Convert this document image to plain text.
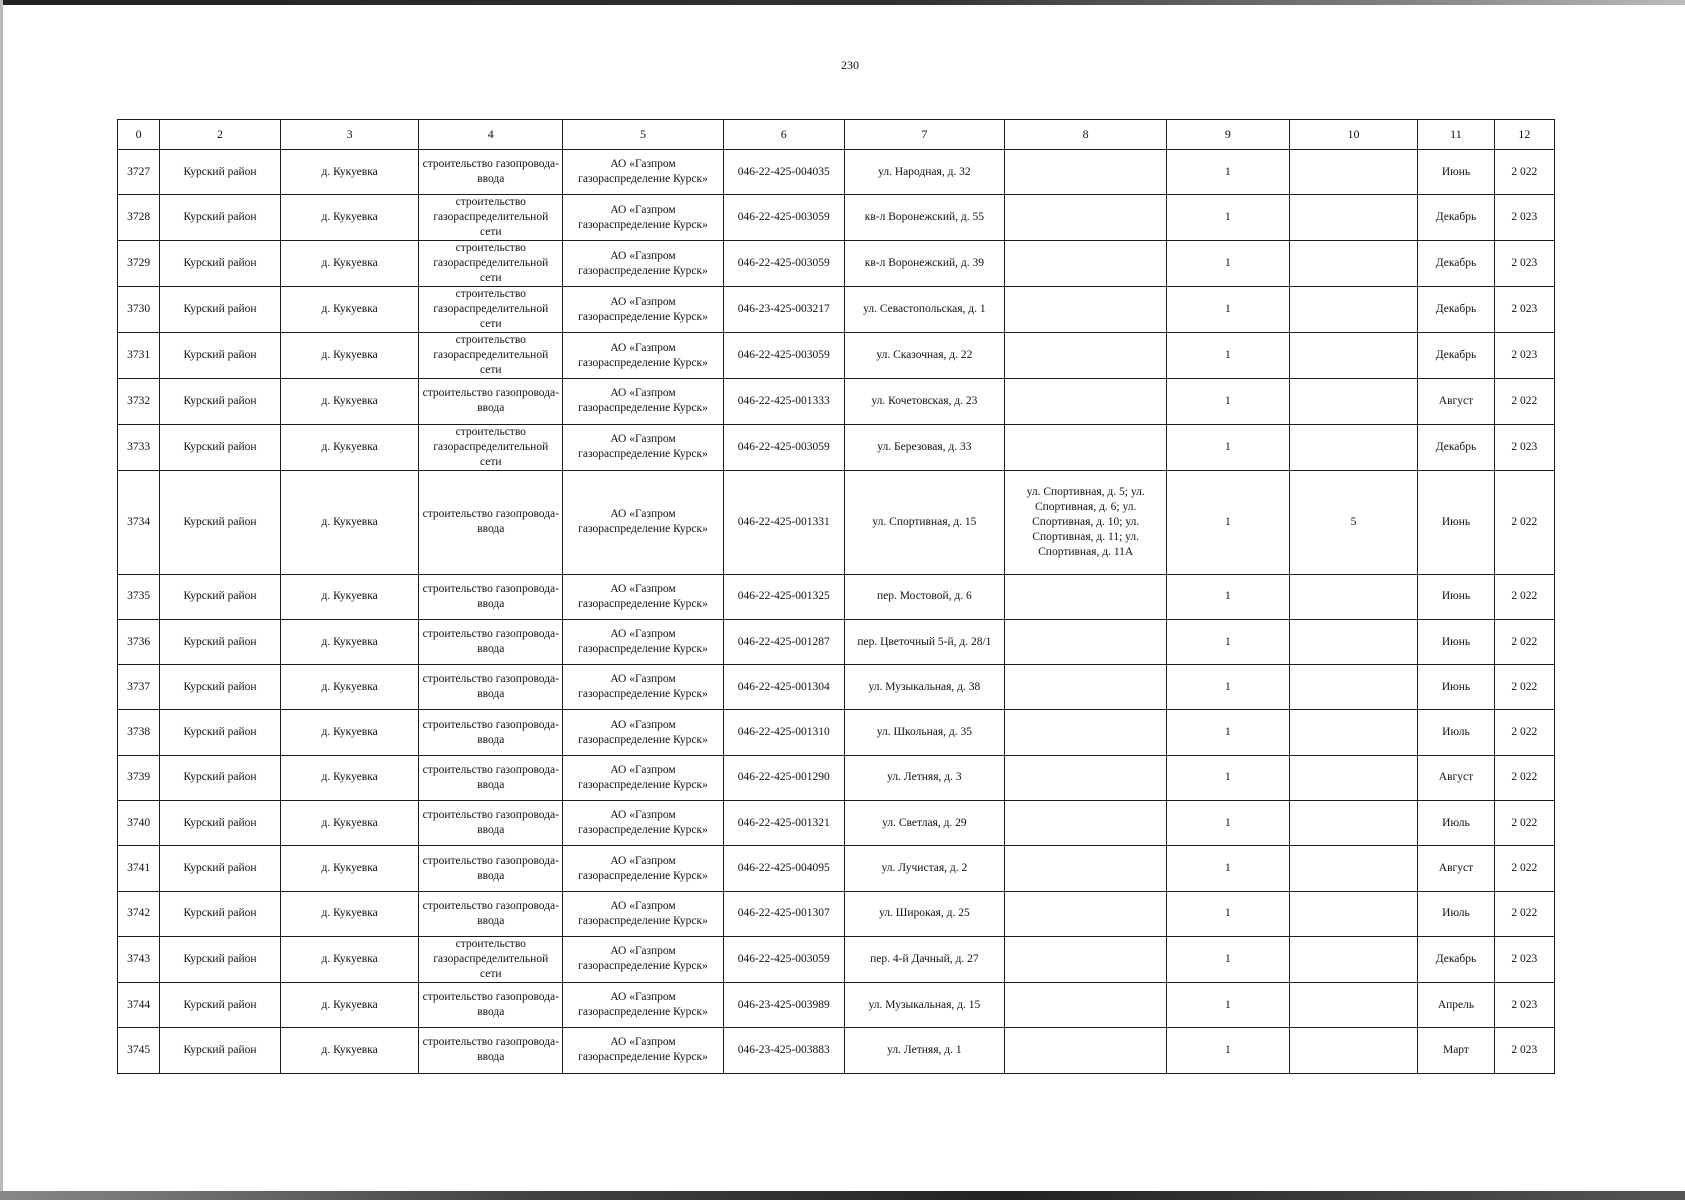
230
0	2	3	4	5	6	7	8	9	10	11	12
3727	Курский район	д. Кукуевка	строительство газопровода-ввода	АО «Газпром газораспределение Курск»	046-22-425-004035	ул. Народная, д. 32		1		Июнь	2 022
3728	Курский район	д. Кукуевка	строительство газораспределительной сети	АО «Газпром газораспределение Курск»	046-22-425-003059	кв-л Воронежский, д. 55		1		Декабрь	2 023
3729	Курский район	д. Кукуевка	строительство газораспределительной сети	АО «Газпром газораспределение Курск»	046-22-425-003059	кв-л Воронежский, д. 39		1		Декабрь	2 023
3730	Курский район	д. Кукуевка	строительство газораспределительной сети	АО «Газпром газораспределение Курск»	046-23-425-003217	ул. Севастопольская, д. 1		1		Декабрь	2 023
3731	Курский район	д. Кукуевка	строительство газораспределительной сети	АО «Газпром газораспределение Курск»	046-22-425-003059	ул. Сказочная, д. 22		1		Декабрь	2 023
3732	Курский район	д. Кукуевка	строительство газопровода-ввода	АО «Газпром газораспределение Курск»	046-22-425-001333	ул. Кочетовская, д. 23		1		Август	2 022
3733	Курский район	д. Кукуевка	строительство газораспределительной сети	АО «Газпром газораспределение Курск»	046-22-425-003059	ул. Березовая, д. 33		1		Декабрь	2 023
3734	Курский район	д. Кукуевка	строительство газопровода-ввода	АО «Газпром газораспределение Курск»	046-22-425-001331	ул. Спортивная, д. 15	ул. Спортивная, д. 5; ул. Спортивная, д. 6; ул. Спортивная, д. 10; ул. Спортивная, д. 11; ул. Спортивная, д. 11А	1	5	Июнь	2 022
3735	Курский район	д. Кукуевка	строительство газопровода-ввода	АО «Газпром газораспределение Курск»	046-22-425-001325	пер. Мостовой, д. 6		1		Июнь	2 022
3736	Курский район	д. Кукуевка	строительство газопровода-ввода	АО «Газпром газораспределение Курск»	046-22-425-001287	пер. Цветочный 5-й, д. 28/1		1		Июнь	2 022
3737	Курский район	д. Кукуевка	строительство газопровода-ввода	АО «Газпром газораспределение Курск»	046-22-425-001304	ул. Музыкальная, д. 38		1		Июнь	2 022
3738	Курский район	д. Кукуевка	строительство газопровода-ввода	АО «Газпром газораспределение Курск»	046-22-425-001310	ул. Школьная, д. 35		1		Июль	2 022
3739	Курский район	д. Кукуевка	строительство газопровода-ввода	АО «Газпром газораспределение Курск»	046-22-425-001290	ул. Летняя, д. 3		1		Август	2 022
3740	Курский район	д. Кукуевка	строительство газопровода-ввода	АО «Газпром газораспределение Курск»	046-22-425-001321	ул. Светлая, д. 29		1		Июль	2 022
3741	Курский район	д. Кукуевка	строительство газопровода-ввода	АО «Газпром газораспределение Курск»	046-22-425-004095	ул. Лучистая, д. 2		1		Август	2 022
3742	Курский район	д. Кукуевка	строительство газопровода-ввода	АО «Газпром газораспределение Курск»	046-22-425-001307	ул. Широкая, д. 25		1		Июль	2 022
3743	Курский район	д. Кукуевка	строительство газораспределительной сети	АО «Газпром газораспределение Курск»	046-22-425-003059	пер. 4-й Дачный, д. 27		1		Декабрь	2 023
3744	Курский район	д. Кукуевка	строительство газопровода-ввода	АО «Газпром газораспределение Курск»	046-23-425-003989	ул. Музыкальная, д. 15		1		Апрель	2 023
3745	Курский район	д. Кукуевка	строительство газопровода-ввода	АО «Газпром газораспределение Курск»	046-23-425-003883	ул. Летняя, д. 1		1		Март	2 023
